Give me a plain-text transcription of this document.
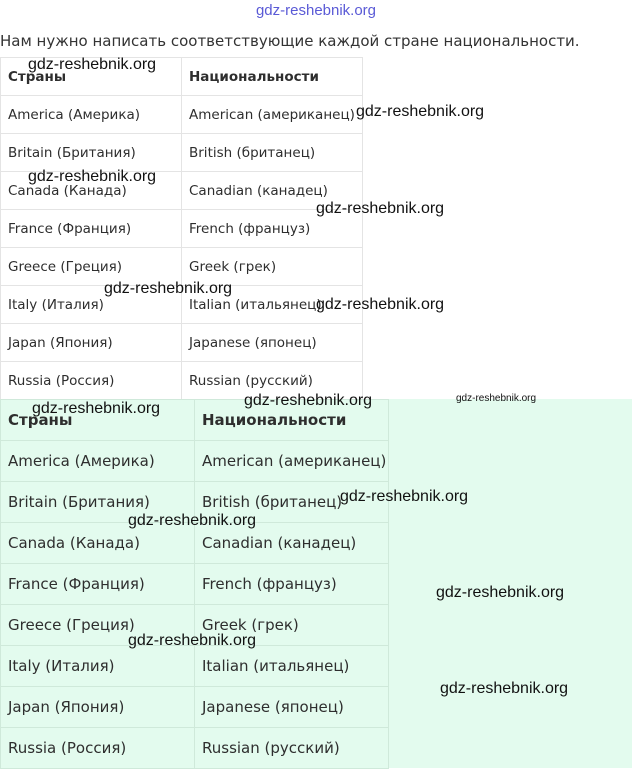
gdz-reshebnik.org
Нам нужно написать соответствующие каждой стране национальности.
Страны	Национальности
America (Америка)	American (американец)
Britain (Британия)	British (британец)
Canada (Канада)	Canadian (канадец)
France (Франция)	French (француз)
Greece (Греция)	Greek (грек)
Italy (Италия)	Italian (итальянец)
Japan (Япония)	Japanese (японец)
Russia (Россия)	Russian (русский)
Страны	Национальности
America (Америка)	American (американец)
Britain (Британия)	British (британец)
Canada (Канада)	Canadian (канадец)
France (Франция)	French (француз)
Greece (Греция)	Greek (грек)
Italy (Италия)	Italian (итальянец)
Japan (Япония)	Japanese (японец)
Russia (Россия)	Russian (русский)
gdz-reshebnik.org
gdz-reshebnik.org
gdz-reshebnik.org
gdz-reshebnik.org
gdz-reshebnik.org
gdz-reshebnik.org
gdz-reshebnik.org	gdz-reshebnik.org	gdz-reshebnik.org
gdz-reshebnik.org
gdz-reshebnik.org
gdz-reshebnik.org
gdz-reshebnik.org
gdz-reshebnik.org
